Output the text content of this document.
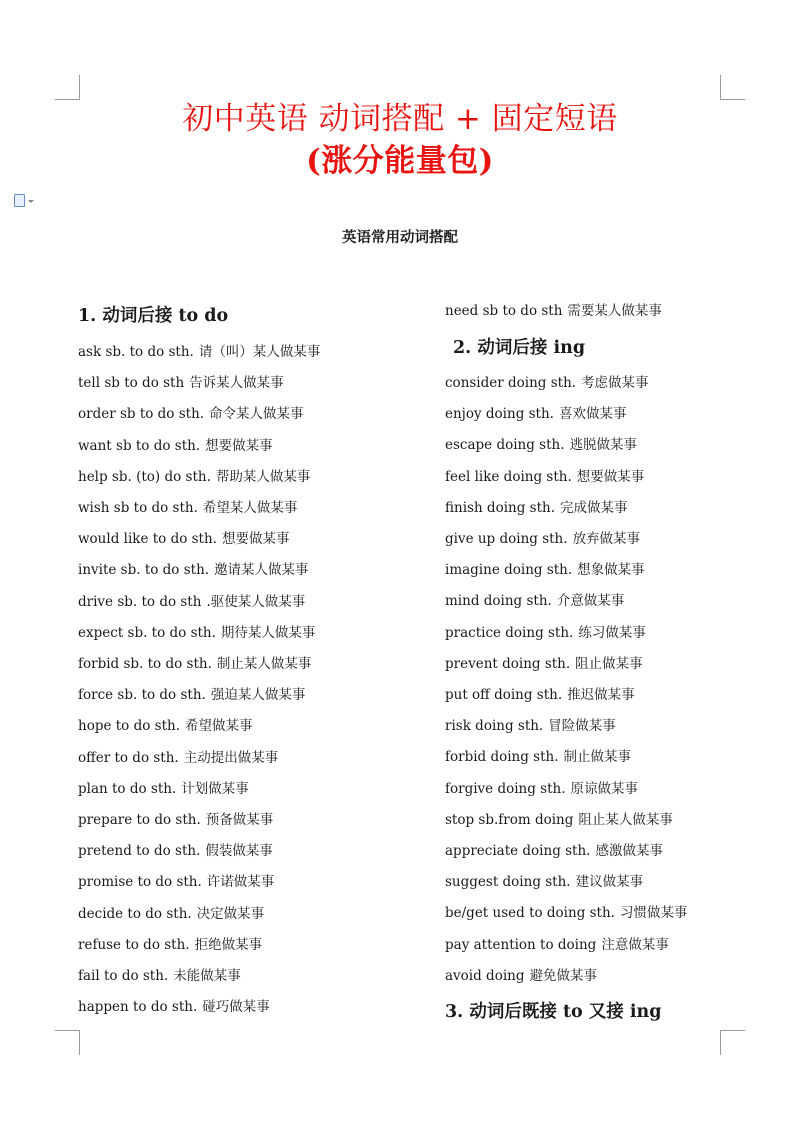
初中英语 动词搭配 + 固定短语
(涨分能量包)
英语常用动词搭配
1. 动词后接 to do
ask sb. to do sth. 请（叫）某人做某事
tell sb to do sth 告诉某人做某事
order sb to do sth. 命令某人做某事
want sb to do sth. 想要做某事
help sb. (to) do sth. 帮助某人做某事
wish sb to do sth. 希望某人做某事
would like to do sth. 想要做某事
invite sb. to do sth. 邀请某人做某事
drive sb. to do sth .驱使某人做某事
expect sb. to do sth. 期待某人做某事
forbid sb. to do sth. 制止某人做某事
force sb. to do sth. 强迫某人做某事
hope to do sth. 希望做某事
offer to do sth. 主动提出做某事
plan to do sth. 计划做某事
prepare to do sth. 预备做某事
pretend to do sth. 假装做某事
promise to do sth. 许诺做某事
decide to do sth. 决定做某事
refuse to do sth. 拒绝做某事
fail to do sth. 未能做某事
happen to do sth. 碰巧做某事
need sb to do sth 需要某人做某事
2. 动词后接 ing
consider doing sth. 考虑做某事
enjoy doing sth. 喜欢做某事
escape doing sth. 逃脱做某事
feel like doing sth. 想要做某事
finish doing sth. 完成做某事
give up doing sth. 放弃做某事
imagine doing sth. 想象做某事
mind doing sth. 介意做某事
practice doing sth. 练习做某事
prevent doing sth. 阻止做某事
put off doing sth. 推迟做某事
risk doing sth. 冒险做某事
forbid doing sth. 制止做某事
forgive doing sth. 原谅做某事
stop sb.from doing 阻止某人做某事
appreciate doing sth. 感激做某事
suggest doing sth. 建议做某事
be/get used to doing sth. 习惯做某事
pay attention to doing 注意做某事
avoid doing 避免做某事
3. 动词后既接 to 又接 ing
